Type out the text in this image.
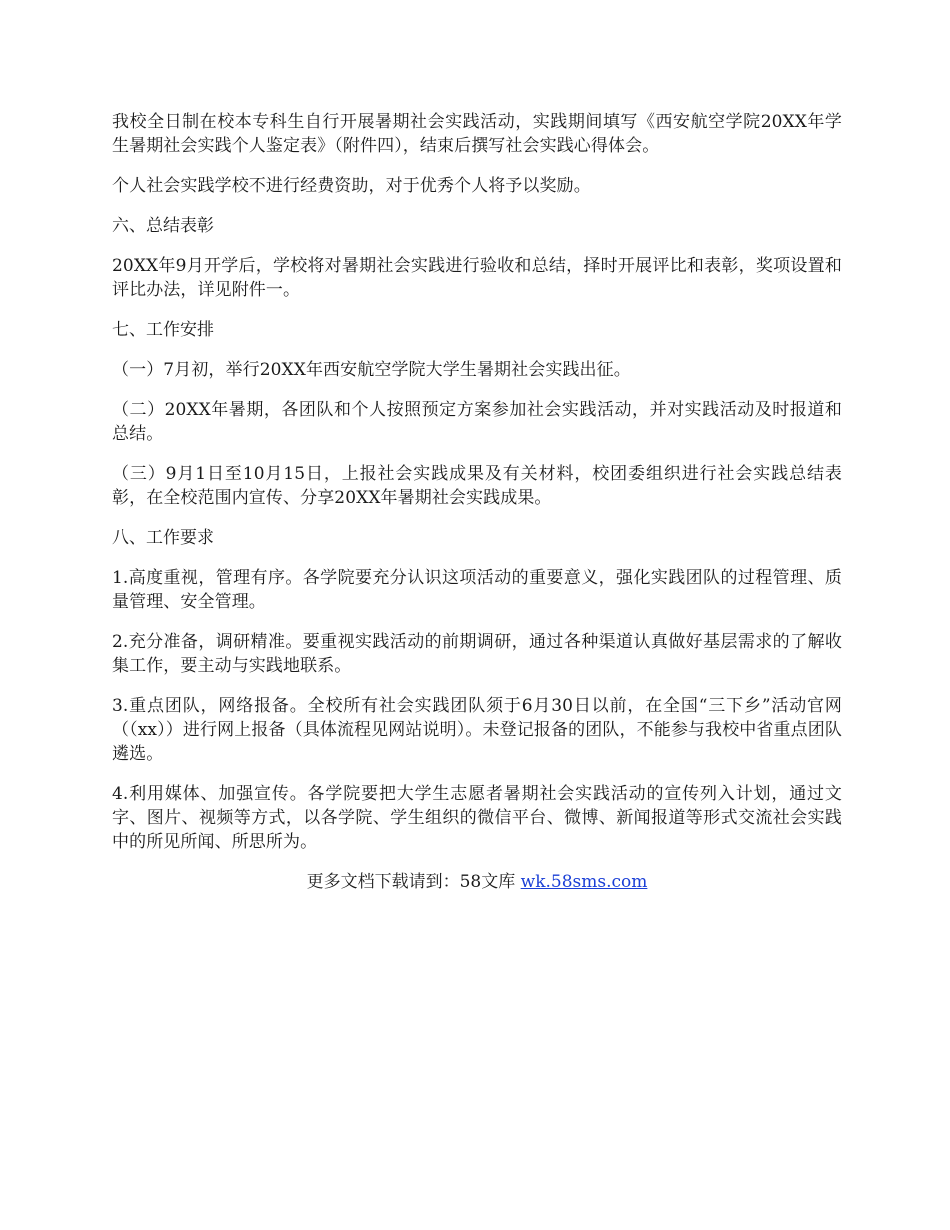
我校全日制在校本专科生自行开展暑期社会实践活动，实践期间填写《西安航空学院20XX年学生暑期社会实践个人鉴定表》（附件四），结束后撰写社会实践心得体会。

个人社会实践学校不进行经费资助，对于优秀个人将予以奖励。

六、总结表彰

20XX年9月开学后，学校将对暑期社会实践进行验收和总结，择时开展评比和表彰，奖项设置和评比办法，详见附件一。

七、工作安排

（一）7月初，举行20XX年西安航空学院大学生暑期社会实践出征。

（二）20XX年暑期，各团队和个人按照预定方案参加社会实践活动，并对实践活动及时报道和总结。

（三）9月1日至10月15日，上报社会实践成果及有关材料，校团委组织进行社会实践总结表彰，在全校范围内宣传、分享20XX年暑期社会实践成果。

八、工作要求

1.高度重视，管理有序。各学院要充分认识这项活动的重要意义，强化实践团队的过程管理、质量管理、安全管理。

2.充分准备，调研精准。要重视实践活动的前期调研，通过各种渠道认真做好基层需求的了解收集工作，要主动与实践地联系。

3.重点团队，网络报备。全校所有社会实践团队须于6月30日以前，在全国“三下乡”活动官网（（xx））进行网上报备（具体流程见网站说明）。未登记报备的团队，不能参与我校中省重点团队遴选。

4.利用媒体、加强宣传。各学院要把大学生志愿者暑期社会实践活动的宣传列入计划，通过文字、图片、视频等方式，以各学院、学生组织的微信平台、微博、新闻报道等形式交流社会实践中的所见所闻、所思所为。

更多文档下载请到：58文库 wk.58sms.com
